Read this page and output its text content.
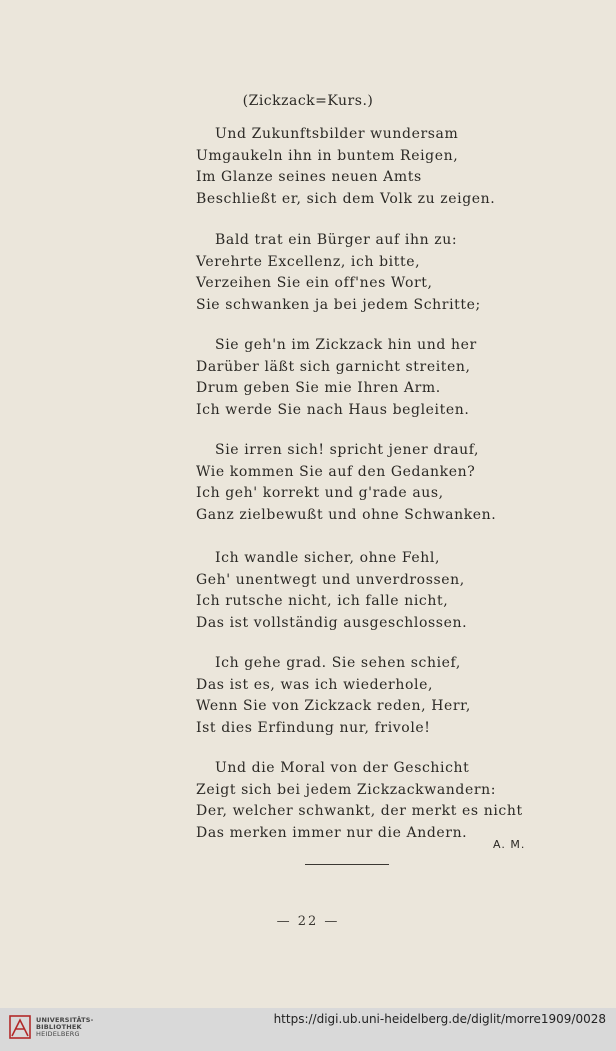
(Zickzack=Kurs.)
Und Zukunftsbilder wundersam
Umgaukeln ihn in buntem Reigen,
Im Glanze seines neuen Amts
Beschließt er, sich dem Volk zu zeigen.
Bald trat ein Bürger auf ihn zu:
Verehrte Excellenz, ich bitte,
Verzeihen Sie ein off'nes Wort,
Sie schwanken ja bei jedem Schritte;
Sie geh'n im Zickzack hin und her
Darüber läßt sich garnicht streiten,
Drum geben Sie mie Ihren Arm.
Ich werde Sie nach Haus begleiten.
Sie irren sich! spricht jener drauf,
Wie kommen Sie auf den Gedanken?
Ich geh' korrekt und g'rade aus,
Ganz zielbewußt und ohne Schwanken.
Ich wandle sicher, ohne Fehl,
Geh' unentwegt und unverdrossen,
Ich rutsche nicht, ich falle nicht,
Das ist vollständig ausgeschlossen.
Ich gehe grad. Sie sehen schief,
Das ist es, was ich wiederhole,
Wenn Sie von Zickzack reden, Herr,
Ist dies Erfindung nur, frivole!
Und die Moral von der Geschicht
Zeigt sich bei jedem Zickzackwandern:
Der, welcher schwankt, der merkt es nicht
Das merken immer nur die Andern.
A. M.
— 22 —
UNIVERSITÄTS-
BIBLIOTHEK
HEIDELBERG
https://digi.ub.uni-heidelberg.de/diglit/morre1909/0028
